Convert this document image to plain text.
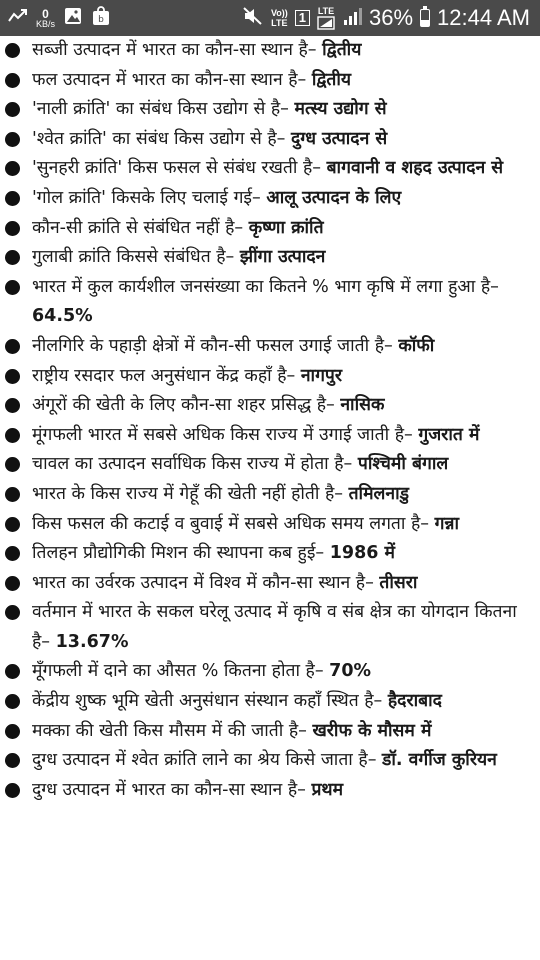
0
KB/s	b
Vo))
LTE 1	LTE 36% 12:44 AM
सब्जी उत्पादन में भारत का कौन-सा स्थान है– द्वितीय
फल उत्पादन में भारत का कौन-सा स्थान है– द्वितीय
'नाली क्रांति' का संबंध किस उद्योग से है– मत्स्य उद्योग से
'श्वेत क्रांति' का संबंध किस उद्योग से है– दुग्ध उत्पादन से
'सुनहरी क्रांति' किस फसल से संबंध रखती है– बागवानी व शहद उत्पादन से
'गोल क्रांति' किसके लिए चलाई गई– आलू उत्पादन के लिए
कौन-सी क्रांति से संबंधित नहीं है– कृष्णा क्रांति
गुलाबी क्रांति किससे संबंधित है– झींगा उत्पादन
भारत में कुल कार्यशील जनसंख्या का कितने % भाग कृषि में लगा हुआ है– 64.5%
नीलगिरि के पहाड़ी क्षेत्रों में कौन-सी फसल उगाई जाती है– कॉफी
राष्ट्रीय रसदार फल अनुसंधान केंद्र कहाँ है– नागपुर
अंगूरों की खेती के लिए कौन-सा शहर प्रसिद्ध है– नासिक
मूंगफली भारत में सबसे अधिक किस राज्य में उगाई जाती है– गुजरात में
चावल का उत्पादन सर्वाधिक किस राज्य में होता है– पश्चिमी बंगाल
भारत के किस राज्य में गेहूँ की खेती नहीं होती है– तमिलनाडु
किस फसल की कटाई व बुवाई में सबसे अधिक समय लगता है– गन्ना
तिलहन प्रौद्योगिकी मिशन की स्थापना कब हुई– 1986 में
भारत का उर्वरक उत्पादन में विश्व में कौन-सा स्थान है– तीसरा
वर्तमान में भारत के सकल घरेलू उत्पाद में कृषि व संब क्षेत्र का योगदान कितना है– 13.67%
मूँगफली में दाने का औसत % कितना होता है– 70%
केंद्रीय शुष्क भूमि खेती अनुसंधान संस्थान कहाँ स्थित है– हैदराबाद
मक्का की खेती किस मौसम में की जाती है– खरीफ के मौसम में
दुग्ध उत्पादन में श्वेत क्रांति लाने का श्रेय किसे जाता है– डॉ. वर्गीज कुरियन
दुग्ध उत्पादन में भारत का कौन-सा स्थान है– प्रथम
